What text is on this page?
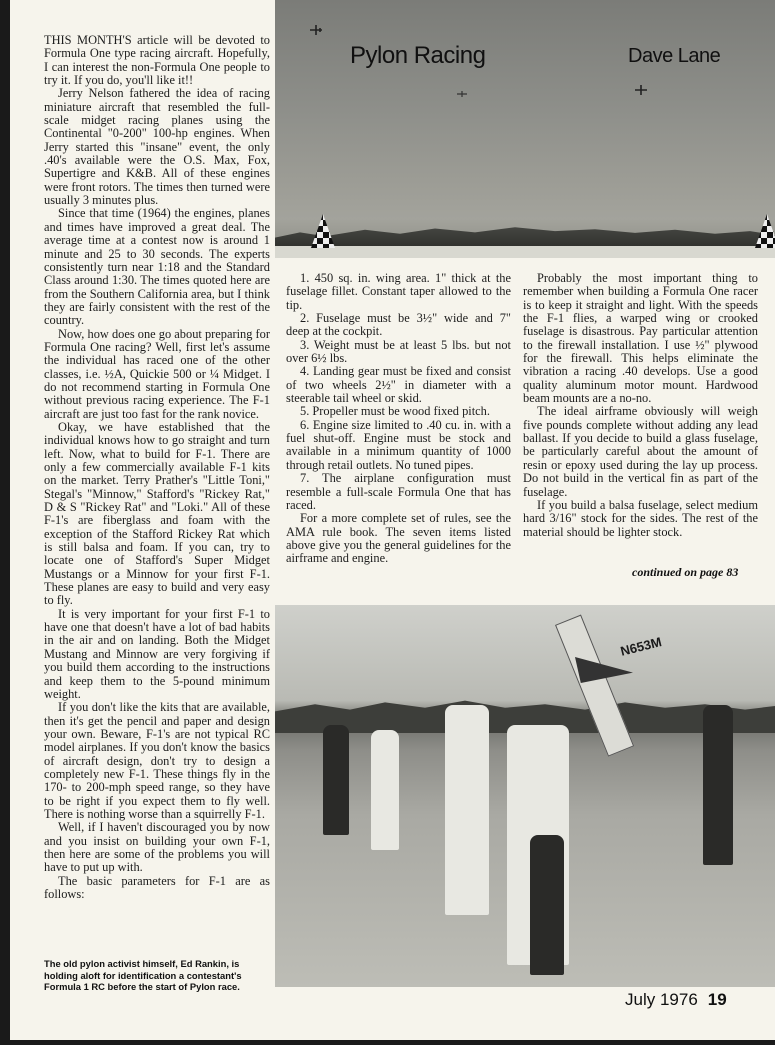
Pylon Racing	Dave Lane

THIS MONTH'S article will be devoted to Formula One type racing aircraft. Hopefully, I can interest the non-Formula One people to try it. If you do, you'll like it!!

Jerry Nelson fathered the idea of racing miniature aircraft that resembled the full-scale midget racing planes using the Continental "0-200" 100-hp engines. When Jerry started this "insane" event, the only .40's available were the O.S. Max, Fox, Supertigre and K&B. All of these engines were front rotors. The times then turned were usually 3 minutes plus.

Since that time (1964) the engines, planes and times have improved a great deal. The average time at a contest now is around 1 minute and 25 to 30 seconds. The experts consistently turn near 1:18 and the Standard Class around 1:30. The times quoted here are from the Southern California area, but I think they are fairly consistent with the rest of the country.

Now, how does one go about preparing for Formula One racing? Well, first let's assume the individual has raced one of the other classes, i.e. ½A, Quickie 500 or ¼ Midget. I do not recommend starting in Formula One without previous racing experience. The F-1 aircraft are just too fast for the rank novice.

Okay, we have established that the individual knows how to go straight and turn left. Now, what to build for F-1. There are only a few commercially available F-1 kits on the market. Terry Prather's "Little Toni," Stegal's "Minnow," Stafford's "Rickey Rat," D & S "Rickey Rat" and "Loki." All of these F-1's are fiberglass and foam with the exception of the Stafford Rickey Rat which is still balsa and foam. If you can, try to locate one of Stafford's Super Midget Mustangs or a Minnow for your first F-1. These planes are easy to build and very easy to fly.

It is very important for your first F-1 to have one that doesn't have a lot of bad habits in the air and on landing. Both the Midget Mustang and Minnow are very forgiving if you build them according to the instructions and keep them to the 5-pound minimum weight.

If you don't like the kits that are available, then it's get the pencil and paper and design your own. Beware, F-1's are not typical RC model airplanes. If you don't know the basics of aircraft design, don't try to design a completely new F-1. These things fly in the 170- to 200-mph speed range, so they have to be right if you expect them to fly well. There is nothing worse than a squirrelly F-1.

Well, if I haven't discouraged you by now and you insist on building your own F-1, then here are some of the problems you will have to put up with.

The basic parameters for F-1 are as follows:

1. 450 sq. in. wing area. 1" thick at the fuselage fillet. Constant taper allowed to the tip.

2. Fuselage must be 3½" wide and 7" deep at the cockpit.

3. Weight must be at least 5 lbs. but not over 6½ lbs.

4. Landing gear must be fixed and consist of two wheels 2½" in diameter with a steerable tail wheel or skid.

5. Propeller must be wood fixed pitch.

6. Engine size limited to .40 cu. in. with a fuel shut-off. Engine must be stock and available in a minimum quantity of 1000 through retail outlets. No tuned pipes.

7. The airplane configuration must resemble a full-scale Formula One that has raced.

For a more complete set of rules, see the AMA rule book. The seven items listed above give you the general guidelines for the airframe and engine.

Probably the most important thing to remember when building a Formula One racer is to keep it straight and light. With the speeds the F-1 flies, a warped wing or crooked fuselage is disastrous. Pay particular attention to the firewall installation. I use ½" plywood for the firewall. This helps eliminate the vibration a racing .40 develops. Use a good quality aluminum motor mount. Hardwood beam mounts are a no-no.

The ideal airframe obviously will weigh five pounds complete without adding any lead ballast. If you decide to build a glass fuselage, be particularly careful about the amount of resin or epoxy used during the lay up process. Do not build in the vertical fin as part of the fuselage.

If you build a balsa fuselage, select medium hard 3/16" stock for the sides. The rest of the material should be lighter stock.

continued on page 83
N653M
The old pylon activist himself, Ed Rankin, is holding aloft for identification a contestant's Formula 1 RC before the start of Pylon race.
July 1976 19
